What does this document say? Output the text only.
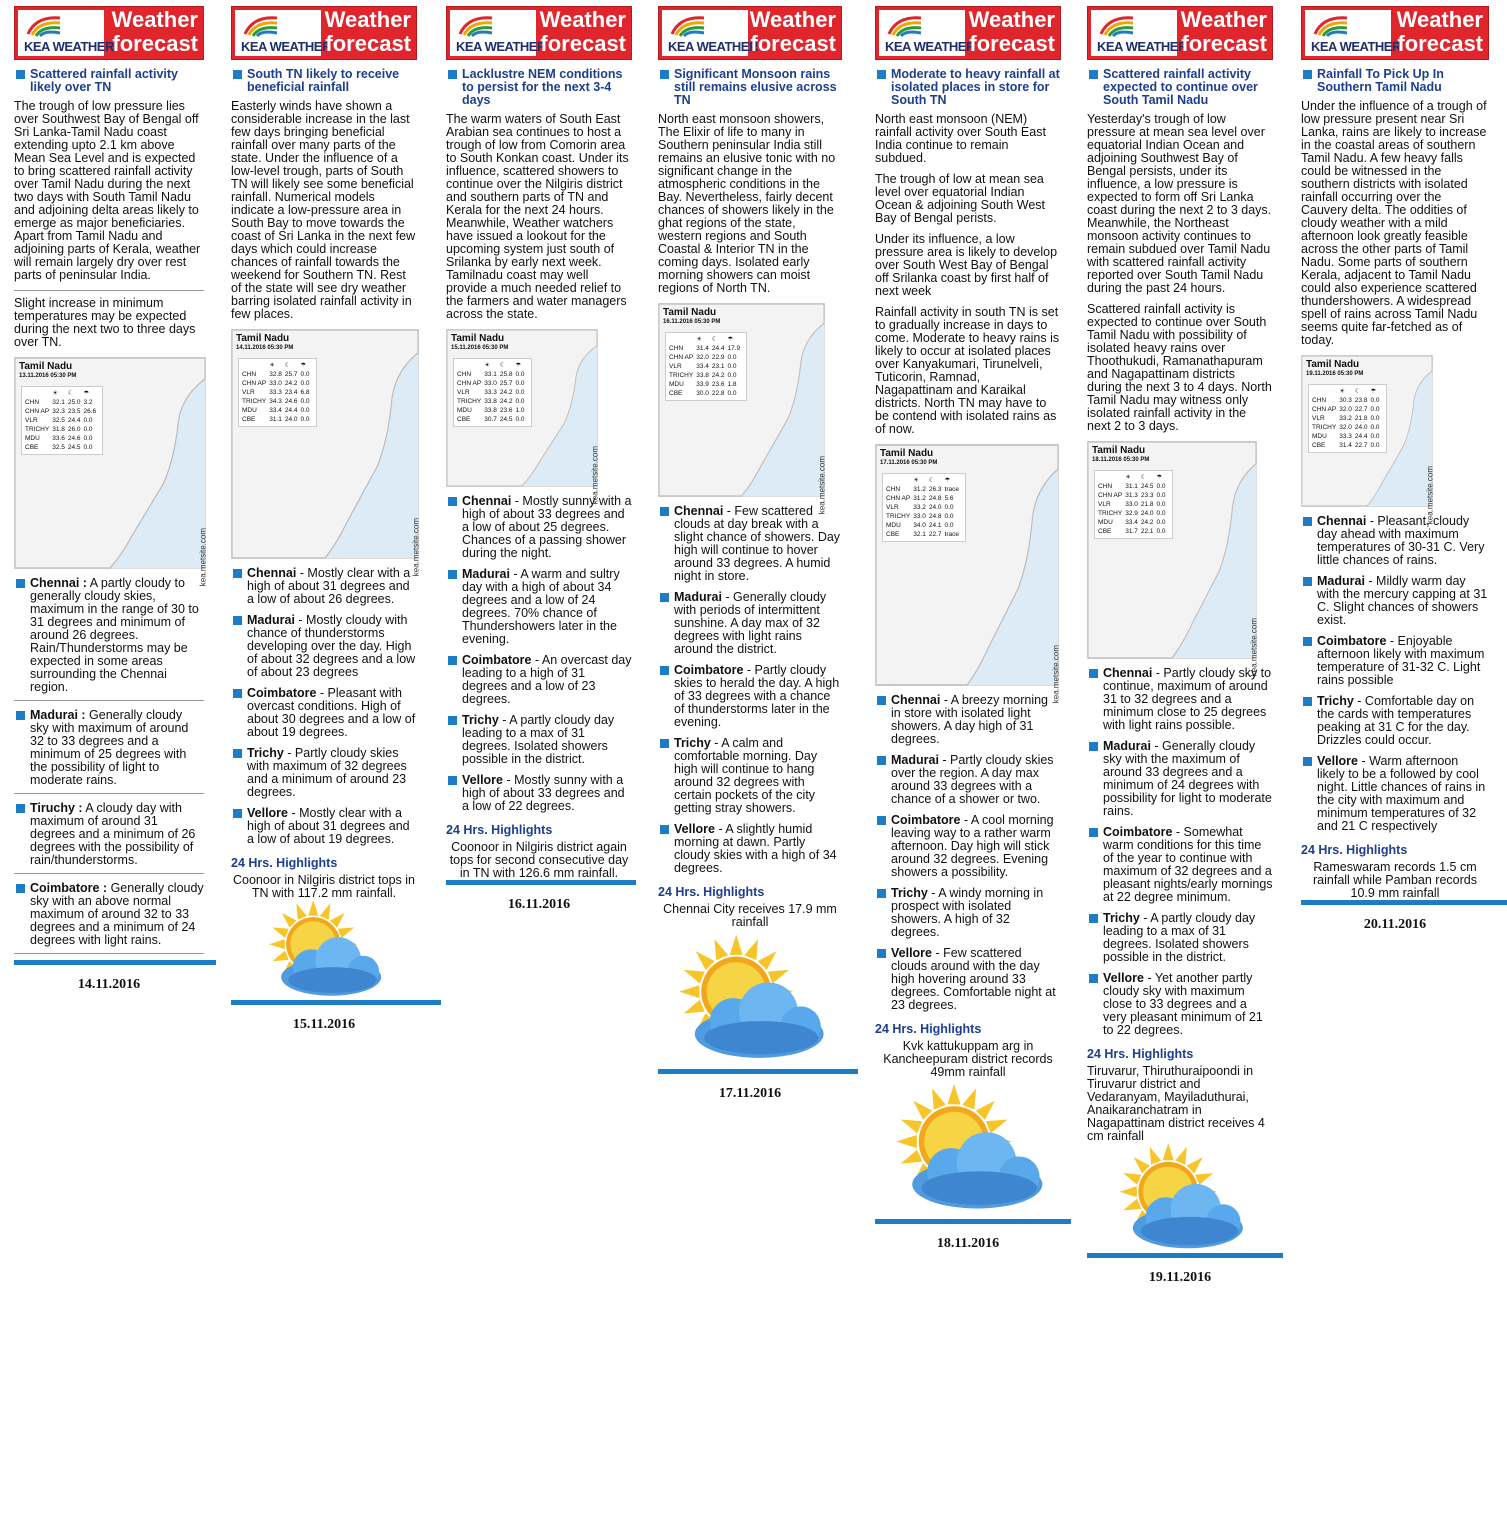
KEA WEATHER
Weather
forecast
Scattered rainfall activity likely over TN
The trough of low pressure lies over Southwest Bay of Bengal off Sri Lanka-Tamil Nadu coast extending upto 2.1 km above Mean Sea Level and is expected to bring scattered rainfall activity over Tamil Nadu during the next two days with South Tamil Nadu and adjoining delta areas likely to emerge as major beneficiaries. Apart from Tamil Nadu and adjoining parts of Kerala, weather will remain largely dry over rest parts of peninsular India.
Slight increase in minimum temperatures may be expected during the next two to three days over TN.
Tamil Nadu
13.11.2016 05:30 PM
	☀	☾	☂
CHN	32.1	25.0	3.2
CHN AP	32.3	23.5	26.6
VLR	32.5	24.4	0.0
TRICHY	31.8	26.0	0.0
MDU	33.6	24.6	0.0
CBE	32.5	24.5	0.0
kea.metsite.com
Chennai : A partly cloudy to generally cloudy skies, maximum in the range of 30 to 31 degrees and minimum of around 26 degrees. Rain/Thunderstorms may be expected in some areas surrounding the Chennai region.
Madurai : Generally cloudy sky with maximum of around 32 to 33 degrees and a minimum of 25 degrees with the possibility of light to moderate rains.
Tiruchy : A cloudy day with maximum of around 31 degrees and a minimum of 26 degrees with the possibility of rain/thunderstorms.
Coimbatore : Generally cloudy sky with an above normal maximum of around 32 to 33 degrees and a minimum of 24 degrees with light rains.
14.11.2016
KEA WEATHER
Weather
forecast
South TN likely to receive beneficial rainfall
Easterly winds have shown a considerable increase in the last few days bringing beneficial rainfall over many parts of the state. Under the influence of a low-level trough, parts of South TN will likely see some beneficial rainfall. Numerical models indicate a low-pressure area in South Bay to move towards the coast of Sri Lanka in the next few days which could increase chances of rainfall towards the weekend for Southern TN. Rest of the state will see dry weather barring isolated rainfall activity in few places.
Tamil Nadu
14.11.2016 05:30 PM
	☀	☾	☂
CHN	32.8	25.7	0.0
CHN AP	33.0	24.2	0.0
VLR	33.3	23.4	6.8
TRICHY	34.3	24.6	0.0
MDU	33.4	24.4	0.0
CBE	31.1	24.0	0.0
kea.metsite.com
Chennai - Mostly clear with a high of about 31 degrees and a low of about 26 degrees.
Madurai - Mostly cloudy with chance of thunderstorms developing over the day. High of about 32 degrees and a low of about 23 degrees
Coimbatore - Pleasant with overcast conditions. High of about 30 degrees and a low of about 19 degrees.
Trichy - Partly cloudy skies with maximum of 32 degrees and a minimum of around 23 degrees.
Vellore - Mostly clear with a high of about 31 degrees and a low of about 19 degrees.
24 Hrs. Highlights
Coonoor in Nilgiris district tops in TN with 117.2 mm rainfall.
15.11.2016
KEA WEATHER
Weather
forecast
Lacklustre NEM conditions to persist for the next 3-4 days
The warm waters of South East Arabian sea continues to host a trough of low from Comorin area to South Konkan coast. Under its influence, scattered showers to continue over the Nilgiris district and southern parts of TN and Kerala for the next 24 hours. Meanwhile, Weather watchers have issued a lookout for the upcoming system just south of Srilanka by early next week. Tamilnadu coast may well provide a much needed relief to the farmers and water managers across the state.
Tamil Nadu
15.11.2016 05:30 PM
	☀	☾	☂
CHN	33.1	25.8	0.0
CHN AP	33.0	25.7	0.0
VLR	33.3	24.2	0.0
TRICHY	33.8	24.2	0.0
MDU	33.8	23.6	1.0
CBE	30.7	24.5	0.0
kea.metsite.com
Chennai - Mostly sunny with a high of about 33 degrees and a low of about 25 degrees. Chances of a passing shower during the night.
Madurai - A warm and sultry day with a high of about 34 degrees and a low of 24 degrees. 70% chance of Thundershowers later in the evening.
Coimbatore - An overcast day leading to a high of 31 degrees and a low of 23 degrees.
Trichy - A partly cloudy day leading to a max of 31 degrees. Isolated showers possible in the district.
Vellore - Mostly sunny with a high of about 33 degrees and a low of 22 degrees.
24 Hrs. Highlights
Coonoor in Nilgiris district again tops for second consecutive day in TN with 126.6 mm rainfall.
16.11.2016
KEA WEATHER
Weather
forecast
Significant Monsoon rains still remains elusive across TN
North east monsoon showers, The Elixir of life to many in Southern peninsular India still remains an elusive tonic with no significant change in the atmospheric conditions in the Bay. Nevertheless, fairly decent chances of showers likely in the ghat regions of the state, western regions and South Coastal & Interior TN in the coming days. Isolated early morning showers can moist regions of North TN.
Tamil Nadu
16.11.2016 05:30 PM
	☀	☾	☂
CHN	31.4	24.4	17.9
CHN AP	32.0	22.9	0.0
VLR	33.4	23.1	0.0
TRICHY	33.8	24.2	0.0
MDU	33.9	23.6	1.8
CBE	30.0	22.8	0.0
kea.metsite.com
Chennai - Few scattered clouds at day break with a slight chance of showers. Day high will continue to hover around 33 degrees. A humid night in store.
Madurai - Generally cloudy with periods of intermittent sunshine. A day max of 32 degrees with light rains around the district.
Coimbatore - Partly cloudy skies to herald the day. A high of 33 degrees with a chance of thunderstorms later in the evening.
Trichy - A calm and comfortable morning. Day high will continue to hang around 32 degrees with certain pockets of the city getting stray showers.
Vellore - A slightly humid morning at dawn. Partly cloudy skies with a high of 34 degrees.
24 Hrs. Highlights
Chennai City receives 17.9 mm rainfall
17.11.2016
KEA WEATHER
Weather
forecast
Moderate to heavy rainfall at isolated places in store for South TN
North east monsoon (NEM) rainfall activity over South East India continue to remain subdued.
The trough of low at mean sea level over equatorial Indian Ocean & adjoining South West Bay of Bengal perists.
Under its influence, a low pressure area is likely to develop over South West Bay of Bengal off Srilanka coast by first half of next week
Rainfall activity in south TN is set to gradually increase in days to come. Moderate to heavy rains is likely to occur at isolated places over Kanyakumari, Tirunelveli, Tuticorin, Ramnad, Nagapattinam and Karaikal districts. North TN may have to be contend with isolated rains as of now.
Tamil Nadu
17.11.2016 05:30 PM
	☀	☾	☂
CHN	31.2	26.3	trace
CHN AP	31.2	24.8	5.6
VLR	33.2	24.0	0.0
TRICHY	33.0	24.8	0.0
MDU	34.0	24.1	0.0
CBE	32.1	22.7	trace
kea.metsite.com
Chennai - A breezy morning in store with isolated light showers. A day high of 31 degrees.
Madurai - Partly cloudy skies over the region. A day max around 33 degrees with a chance of a shower or two.
Coimbatore - A cool morning leaving way to a rather warm afternoon. Day high will stick around 32 degrees. Evening showers a possibility.
Trichy - A windy morning in prospect with isolated showers. A high of 32 degrees.
Vellore - Few scattered clouds around with the day high hovering around 33 degrees. Comfortable night at 23 degrees.
24 Hrs. Highlights
Kvk kattukuppam arg in Kancheepuram district records 49mm rainfall
18.11.2016
KEA WEATHER
Weather
forecast
Scattered rainfall activity expected to continue over South Tamil Nadu
Yesterday's trough of low pressure at mean sea level over equatorial Indian Ocean and adjoining Southwest Bay of Bengal persists, under its influence, a low pressure is expected to form off Sri Lanka coast during the next 2 to 3 days. Meanwhile, the Northeast monsoon activity continues to remain subdued over Tamil Nadu with scattered rainfall activity reported over South Tamil Nadu during the past 24 hours.
Scattered rainfall activity is expected to continue over South Tamil Nadu with possibility of isolated heavy rains over Thoothukudi, Ramanathapuram and Nagapattinam districts during the next 3 to 4 days. North Tamil Nadu may witness only isolated rainfall activity in the next 2 to 3 days.
Tamil Nadu
18.11.2016 05:30 PM
	☀	☾	☂
CHN	31.1	24.5	0.0
CHN AP	31.3	23.3	0.0
VLR	33.0	21.8	0.0
TRICHY	32.9	24.0	0.0
MDU	33.4	24.2	0.0
CBE	31.7	22.1	0.0
kea.metsite.com
Chennai - Partly cloudy sky to continue, maximum of around 31 to 32 degrees and a minimum close to 25 degrees with light rains possible.
Madurai - Generally cloudy sky with the maximum of around 33 degrees and a minimum of 24 degrees with possibility for light to moderate rains.
Coimbatore - Somewhat warm conditions for this time of the year to continue with maximum of 32 degrees and a pleasant nights/early mornings at 22 degree minimum.
Trichy - A partly cloudy day leading to a max of 31 degrees. Isolated showers possible in the district.
Vellore - Yet another partly cloudy sky with maximum close to 33 degrees and a very pleasant minimum of 21 to 22 degrees.
24 Hrs. Highlights
Tiruvarur, Thiruthuraipoondi in Tiruvarur district and Vedaranyam, Mayiladuthurai, Anaikaranchatram in Nagapattinam district receives 4 cm rainfall
19.11.2016
KEA WEATHER
Weather
forecast
Rainfall To Pick Up In Southern Tamil Nadu
Under the influence of a trough of low pressure present near Sri Lanka, rains are likely to increase in the coastal areas of southern Tamil Nadu. A few heavy falls could be witnessed in the southern districts with isolated rainfall occurring over the Cauvery delta. The oddities of cloudy weather with a mild afternoon look greatly feasible across the other parts of Tamil Nadu. Some parts of southern Kerala, adjacent to Tamil Nadu could also experience scattered thundershowers. A widespread spell of rains across Tamil Nadu seems quite far-fetched as of today.
Tamil Nadu
19.11.2016 05:30 PM
	☀	☾	☂
CHN	30.3	23.8	0.0
CHN AP	32.0	22.7	0.0
VLR	33.2	21.8	0.0
TRICHY	32.0	24.0	0.0
MDU	33.3	24.4	0.0
CBE	31.4	22.7	0.0
kea.metsite.com
Chennai - Pleasant, cloudy day ahead with maximum temperatures of 30-31 C. Very little chances of rains.
Madurai - Mildly warm day with the mercury capping at 31 C. Slight chances of showers exist.
Coimbatore - Enjoyable afternoon likely with maximum temperature of 31-32 C. Light rains possible
Trichy - Comfortable day on the cards with temperatures peaking at 31 C for the day. Drizzles could occur.
Vellore - Warm afternoon likely to be a followed by cool night. Little chances of rains in the city with maximum and minimum temperatures of 32 and 21 C respectively
24 Hrs. Highlights
Rameswaram records 1.5 cm rainfall while Pamban records 10.9 mm rainfall
20.11.2016
